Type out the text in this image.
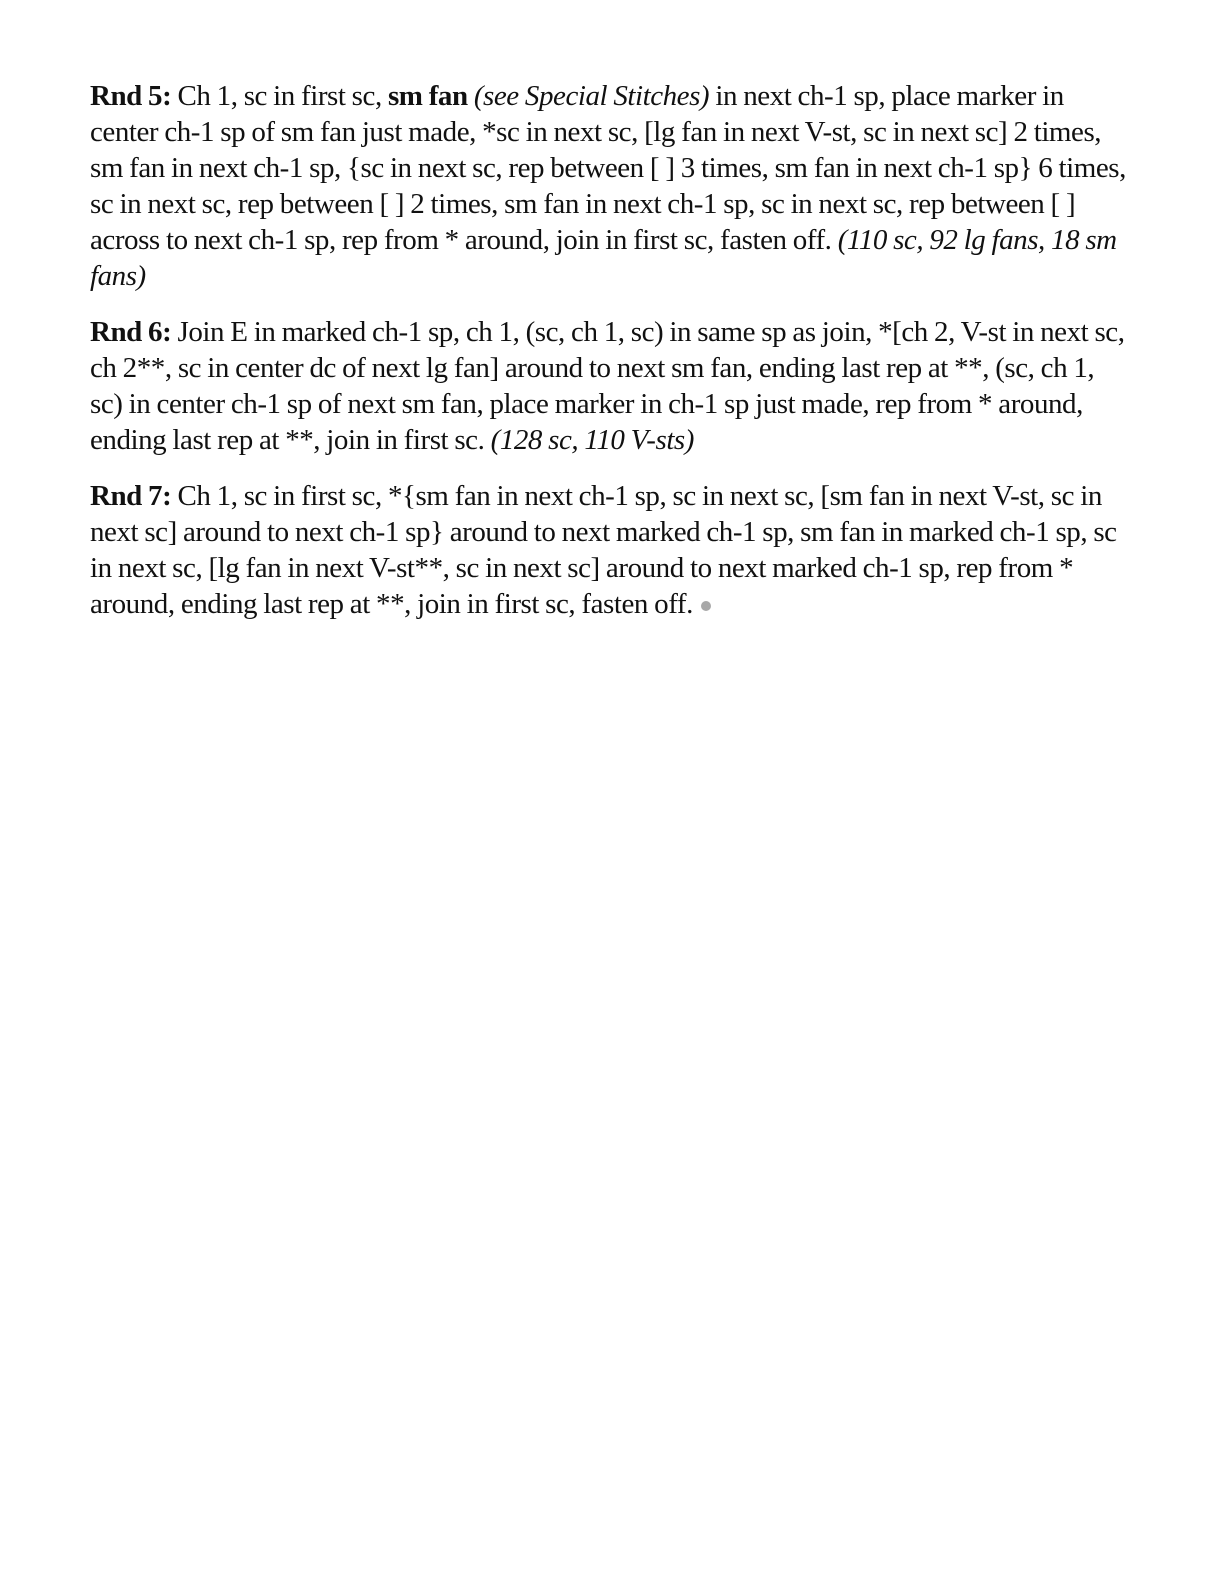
Rnd 5: Ch 1, sc in first sc, sm fan (see Special Stitches) in next ch-1 sp, place marker in center ch-1 sp of sm fan just made, *sc in next sc, [lg fan in next V-st, sc in next sc] 2 times, sm fan in next ch-1 sp, {sc in next sc, rep between [ ] 3 times, sm fan in next ch-1 sp} 6 times, sc in next sc, rep between [ ] 2 times, sm fan in next ch-1 sp, sc in next sc, rep between [ ] across to next ch-1 sp, rep from * around, join in first sc, fasten off. (110 sc, 92 lg fans, 18 sm fans)

Rnd 6: Join E in marked ch-1 sp, ch 1, (sc, ch 1, sc) in same sp as join, *[ch 2, V-st in next sc, ch 2**, sc in center dc of next lg fan] around to next sm fan, ending last rep at **, (sc, ch 1, sc) in center ch-1 sp of next sm fan, place marker in ch-1 sp just made, rep from * around, ending last rep at **, join in first sc. (128 sc, 110 V-sts)

Rnd 7: Ch 1, sc in first sc, *{sm fan in next ch-1 sp, sc in next sc, [sm fan in next V-st, sc in next sc] around to next ch-1 sp} around to next marked ch-1 sp, sm fan in marked ch-1 sp, sc in next sc, [lg fan in next V-st**, sc in next sc] around to next marked ch-1 sp, rep from * around, ending last rep at **, join in first sc, fasten off.
